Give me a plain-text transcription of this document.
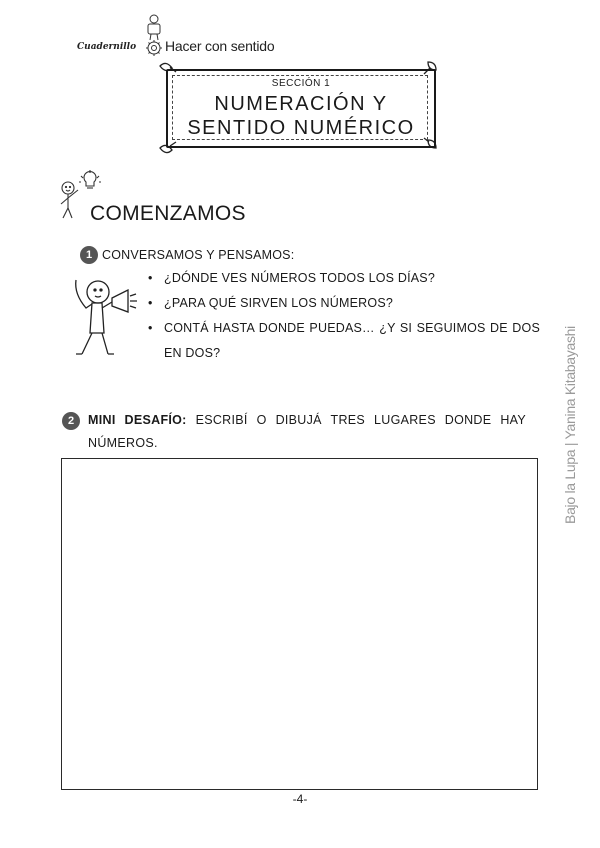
Cuadernillo Hacer con sentido
SECCIÓN 1
NUMERACIÓN Y
SENTIDO NUMÉRICO
COMENZAMOS
1 CONVERSAMOS Y PENSAMOS:
• ¿DÓNDE VES NÚMEROS TODOS LOS DÍAS?
• ¿PARA QUÉ SIRVEN LOS NÚMEROS?
• CONTÁ HASTA DONDE PUEDAS… ¿Y SI SEGUIMOS DE DOS EN DOS?
2	MINI DESAFÍO: ESCRIBÍ O DIBUJÁ TRES LUGARES DONDE HAY NÚMEROS.
-4-
Bajo la Lupa | Yanina Kitabayashi
